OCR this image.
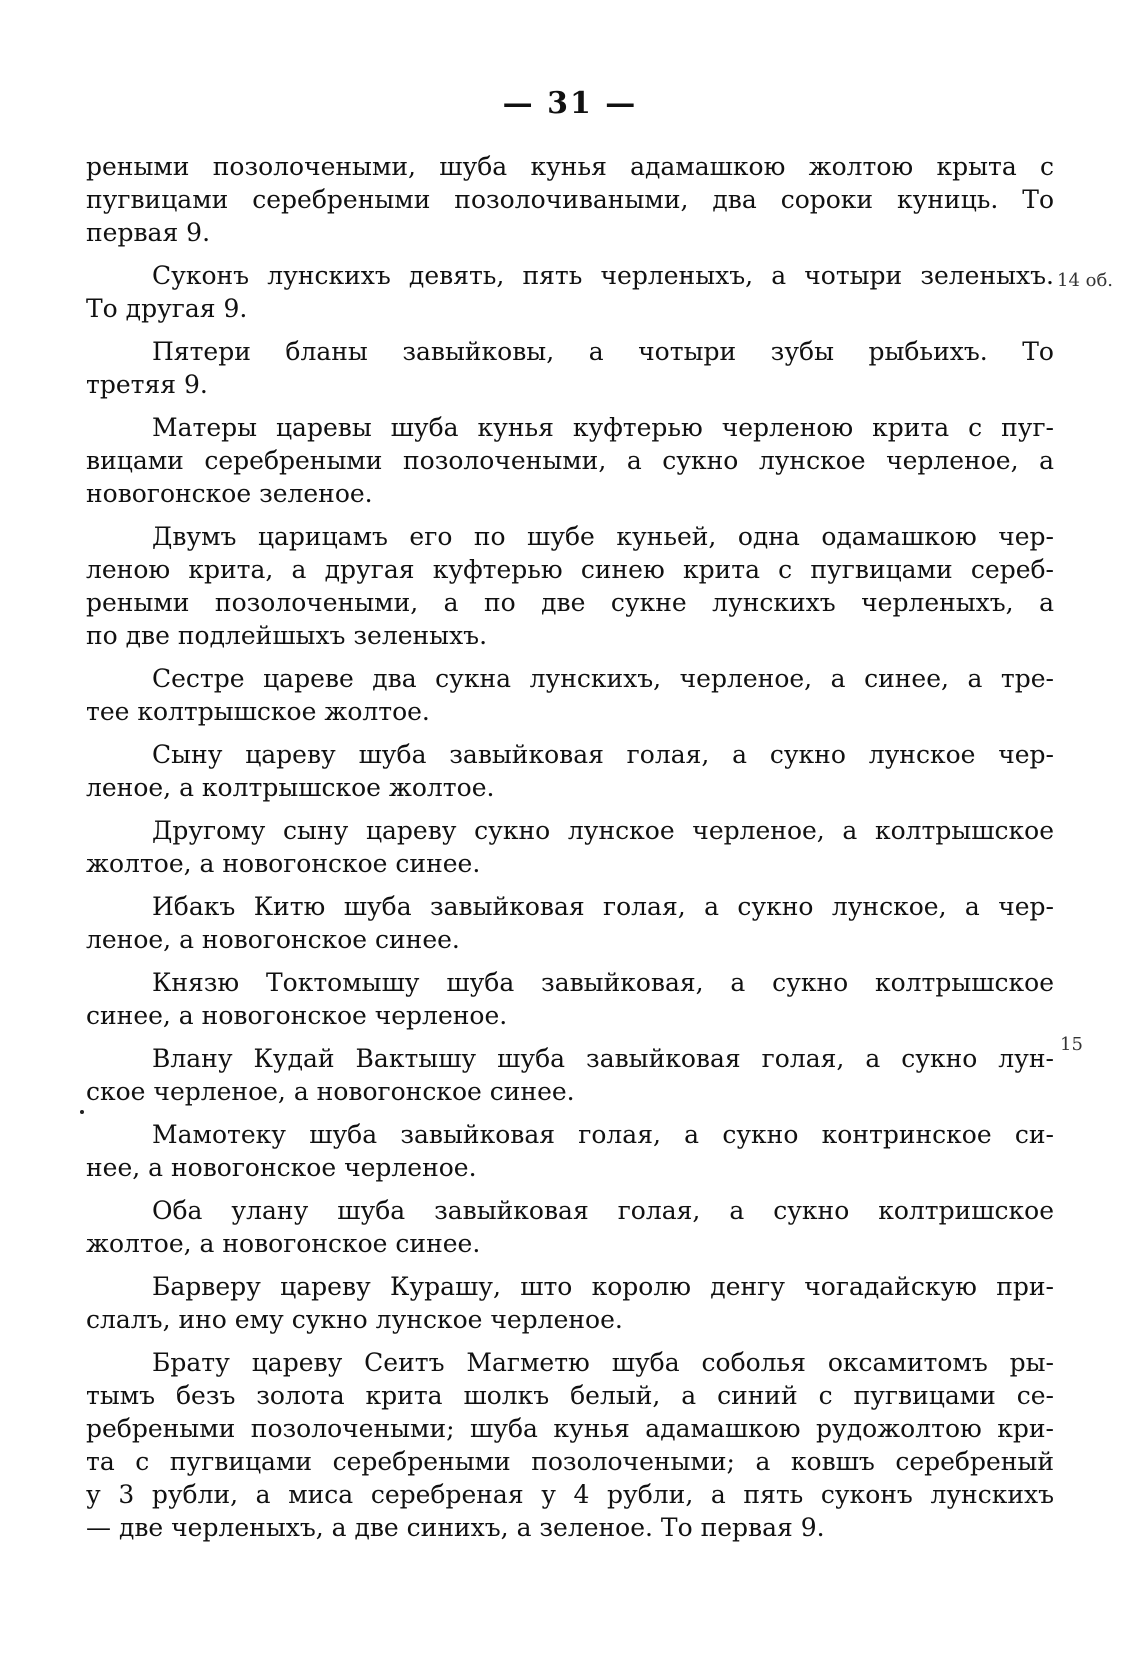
— 31 —
14 об.
15

реными позолочеными, шуба кунья адамашкою жолтою крыта с
пугвицами серебреными позолочиваными, два сороки куниць. То
первая 9.

Суконъ лунскихъ девять, пять черленыхъ, а чотыри зеленыхъ.
То другая 9.

Пятери бланы завыйковы, а чотыри зубы рыбьихъ. То
третяя 9.

Матеры царевы шуба кунья куфтерью черленою крита с пуг-
вицами серебреными позолочеными, а сукно лунское черленое, а
новогонское зеленое.

Двумъ царицамъ его по шубе куньей, одна одамашкою чер-
леною крита, а другая куфтерью синею крита с пугвицами сереб-
реными позолочеными, а по две сукне лунскихъ черленыхъ, а
по две подлейшыхъ зеленыхъ.

Сестре цареве два сукна лунскихъ, черленое, а синее, а тре-
тее колтрышское жолтое.

Сыну цареву шуба завыйковая голая, а сукно лунское чер-
леное, а колтрышское жолтое.

Другому сыну цареву сукно лунское черленое, а колтрышское
жолтое, а новогонское синее.

Ибакъ Китю шуба завыйковая голая, а сукно лунское, а чер-
леное, а новогонское синее.

Князю Токтомышу шуба завыйковая, а сукно колтрышское
синее, а новогонское черленое.

Влану Кудай Вактышу шуба завыйковая голая, а сукно лун-
ское черленое, а новогонское синее.

Мамотеку шуба завыйковая голая, а сукно контринское си-
нее, а новогонское черленое.

Оба улану шуба завыйковая голая, а сукно колтришское
жолтое, а новогонское синее.

Барверу цареву Курашу, што королю денгу чогадайскую при-
слалъ, ино ему сукно лунское черленое.

Брату цареву Сеитъ Магметю шуба соболья оксамитомъ ры-
тымъ безъ золота крита шолкъ белый, а синий с пугвицами се-
ребреными позолочеными; шуба кунья адамашкою рудожолтою кри-
та с пугвицами серебреными позолочеными; а ковшъ серебреный
у 3 рубли, а миса серебреная у 4 рубли, а пять суконъ лунскихъ
— две черленыхъ, а две синихъ, а зеленое. То первая 9.
